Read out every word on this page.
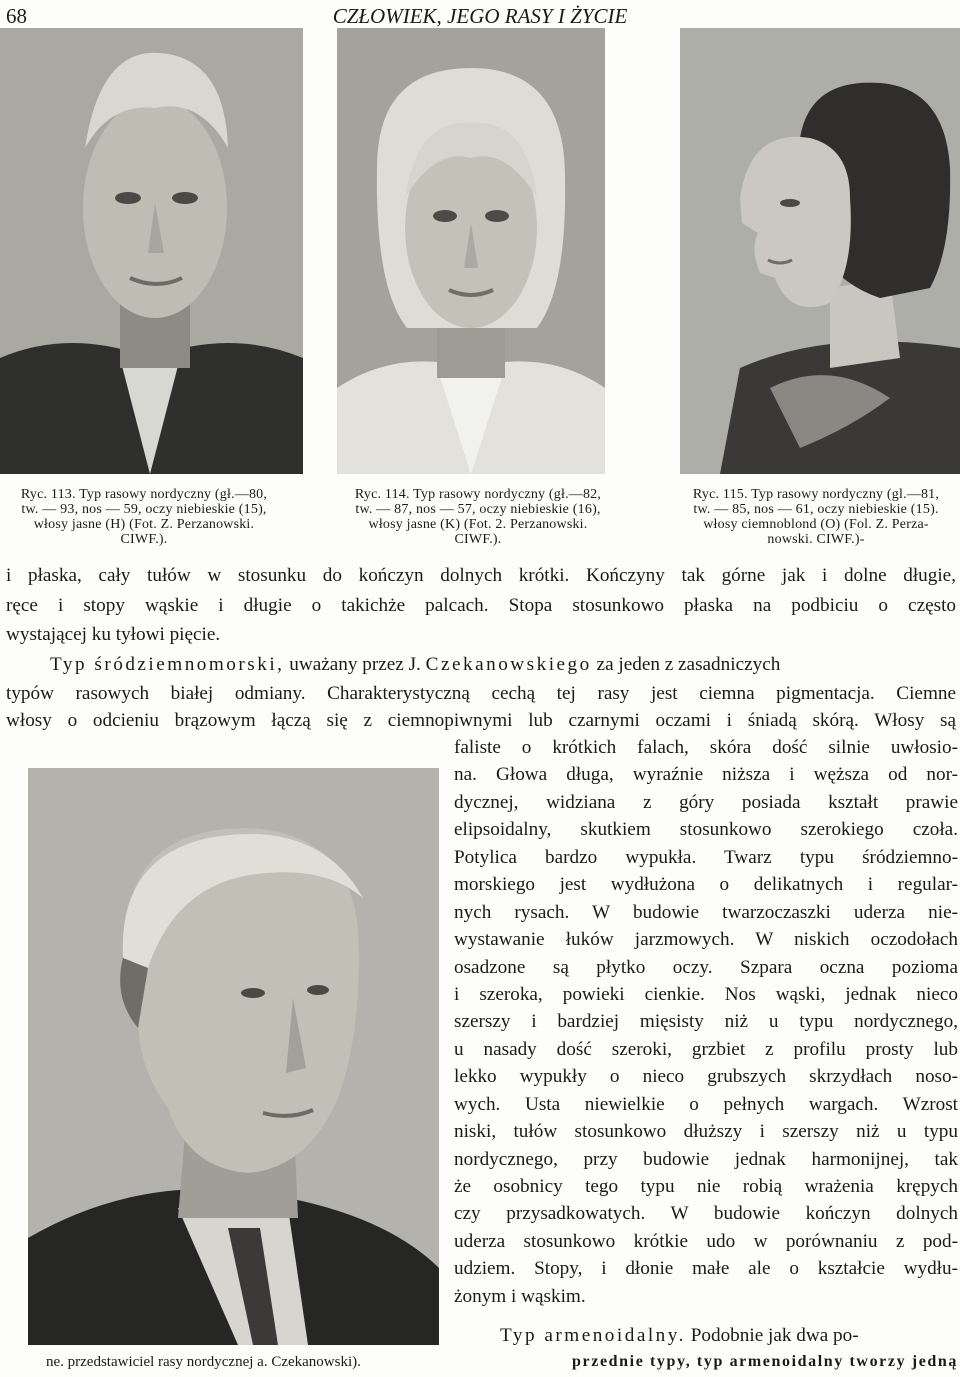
68	CZŁOWIEK, JEGO RASY I ŻYCIE
Ryc. 113. Typ rasowy nordyczny (gł.—80,
tw. — 93, nos — 59, oczy niebieskie (15),
włosy jasne (H) (Fot. Z. Perzanowski.
CIWF.).
Ryc. 114. Typ rasowy nordyczny (gł.—82,
tw. — 87, nos — 57, oczy niebieskie (16),
włosy jasne (K) (Fot. 2. Perzanowski.
CIWF.).
Ryc. 115. Typ rasowy nordyczny (gl.—81,
tw. — 85, nos — 61, oczy niebieskie (15).
włosy ciemnoblond (O) (Fol. Z. Perza-
nowski. CIWF.)-
i płaska, cały tułów w stosunku do kończyn dolnych krótki. Kończyny tak górne jak i dolne długie,
ręce i stopy wąskie i długie o takichże palcach. Stopa stosunkowo płaska na podbiciu o często
wystającej ku tyłowi pięcie.
Typ śródziemnomorski, uważany przez J. Czekanowskiego za jeden z zasadniczych
typów rasowych białej odmiany. Charakterystyczną cechą tej rasy jest ciemna pigmentacja. Ciemne
włosy o odcieniu brązowym łączą się z ciemnopiwnymi lub czarnymi oczami i śniadą skórą. Włosy są
faliste o krótkich falach, skóra dość silnie uwłosio-
na. Głowa długa, wyraźnie niższa i węższa od nor-
dycznej, widziana z góry posiada kształt prawie
elipsoidalny, skutkiem stosunkowo szerokiego czoła.
Potylica bardzo wypukła. Twarz typu śródziemno-
morskiego jest wydłużona o delikatnych i regular-
nych rysach. W budowie twarzoczaszki uderza nie-
wystawanie łuków jarzmowych. W niskich oczodołach
osadzone są płytko oczy. Szpara oczna pozioma
i szeroka, powieki cienkie. Nos wąski, jednak nieco
szerszy i bardziej mięsisty niż u typu nordycznego,
u nasady dość szeroki, grzbiet z profilu prosty lub
lekko wypukły o nieco grubszych skrzydłach noso-
wych. Usta niewielkie o pełnych wargach. Wzrost
niski, tułów stosunkowo dłuższy i szerszy niż u typu
nordycznego, przy budowie jednak harmonijnej, tak
że osobnicy tego typu nie robią wrażenia krępych
czy przysadkowatych. W budowie kończyn dolnych
uderza stosunkowo krótkie udo w porównaniu z pod-
udziem. Stopy, i dłonie małe ale o kształcie wydłu-
żonym i wąskim.
Typ armenoidalny. Podobnie jak dwa po-
ne. przedstawiciel rasy nordycznej a. Czekanowski).	przednie typy, typ armenoidalny tworzy jedną
